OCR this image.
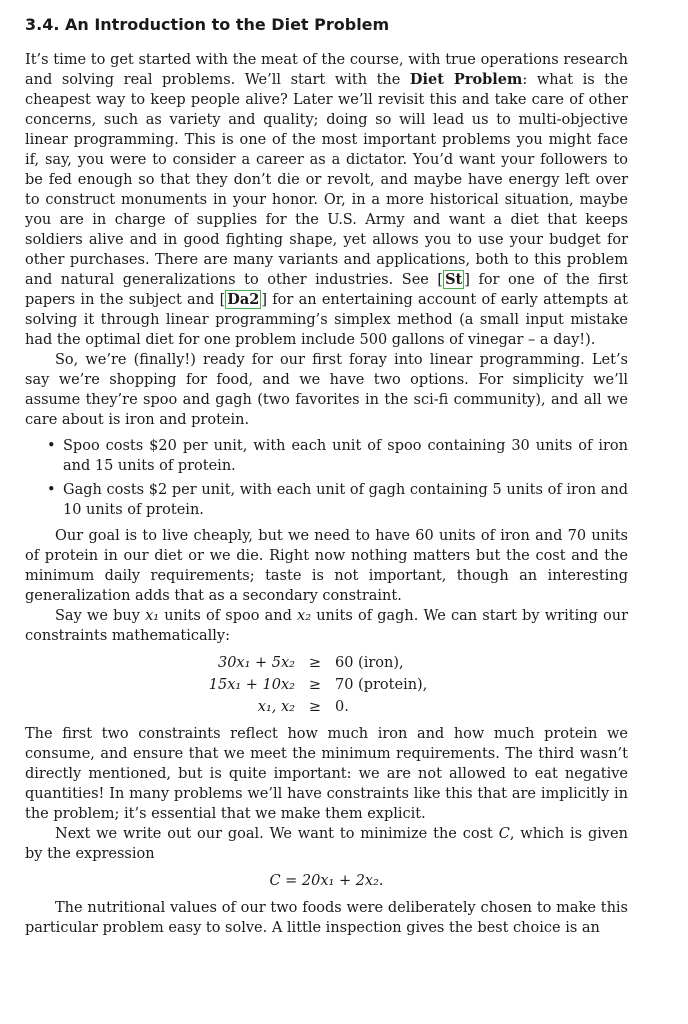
3.4. An Introduction to the Diet Problem

It’s time to get started with the meat of the course, with true operations research and solving real problems. We’ll start with the Diet Problem: what is the cheapest way to keep people alive? Later we’ll revisit this and take care of other concerns, such as variety and quality; doing so will lead us to multi-objective linear programming. This is one of the most important problems you might face if, say, you were to consider a career as a dictator. You’d want your followers to be fed enough so that they don’t die or revolt, and maybe have energy left over to construct monuments in your honor. Or, in a more historical situation, maybe you are in charge of supplies for the U.S. Army and want a diet that keeps soldiers alive and in good fighting shape, yet allows you to use your budget for other purchases. There are many variants and applications, both to this problem and natural generalizations to other industries. See [ St ] for one of the first papers in the subject and [ Da2 ] for an entertaining account of early attempts at solving it through linear programming’s simplex method (a small input mistake had the optimal diet for one problem include 500 gallons of vinegar – a day!).

So, we’re (finally!) ready for our first foray into linear programming. Let’s say we’re shopping for food, and we have two options. For simplicity we’ll assume they’re spoo and gagh (two favorites in the sci-fi community), and all we care about is iron and protein.

• Spoo costs $20 per unit, with each unit of spoo containing 30 units of iron and 15 units of protein.
• Gagh costs $2 per unit, with each unit of gagh containing 5 units of iron and 10 units of protein.

Our goal is to live cheaply, but we need to have 60 units of iron and 70 units of protein in our diet or we die. Right now nothing matters but the cost and the minimum daily requirements; taste is not important, though an interesting generalization adds that as a secondary constraint.

Say we buy x₁ units of spoo and x₂ units of gagh. We can start by writing our constraints mathematically:

30x₁ + 5x₂ ≥ 60 (iron),
15x₁ + 10x₂ ≥ 70 (protein),
x₁, x₂ ≥ 0.

The first two constraints reflect how much iron and how much protein we consume, and ensure that we meet the minimum requirements. The third wasn’t directly mentioned, but is quite important: we are not allowed to eat negative quantities! In many problems we’ll have constraints like this that are implicitly in the problem; it’s essential that we make them explicit.

Next we write out our goal. We want to minimize the cost C, which is given by the expression

C = 20x₁ + 2x₂.

The nutritional values of our two foods were deliberately chosen to make this particular problem easy to solve. A little inspection gives the best choice is an
